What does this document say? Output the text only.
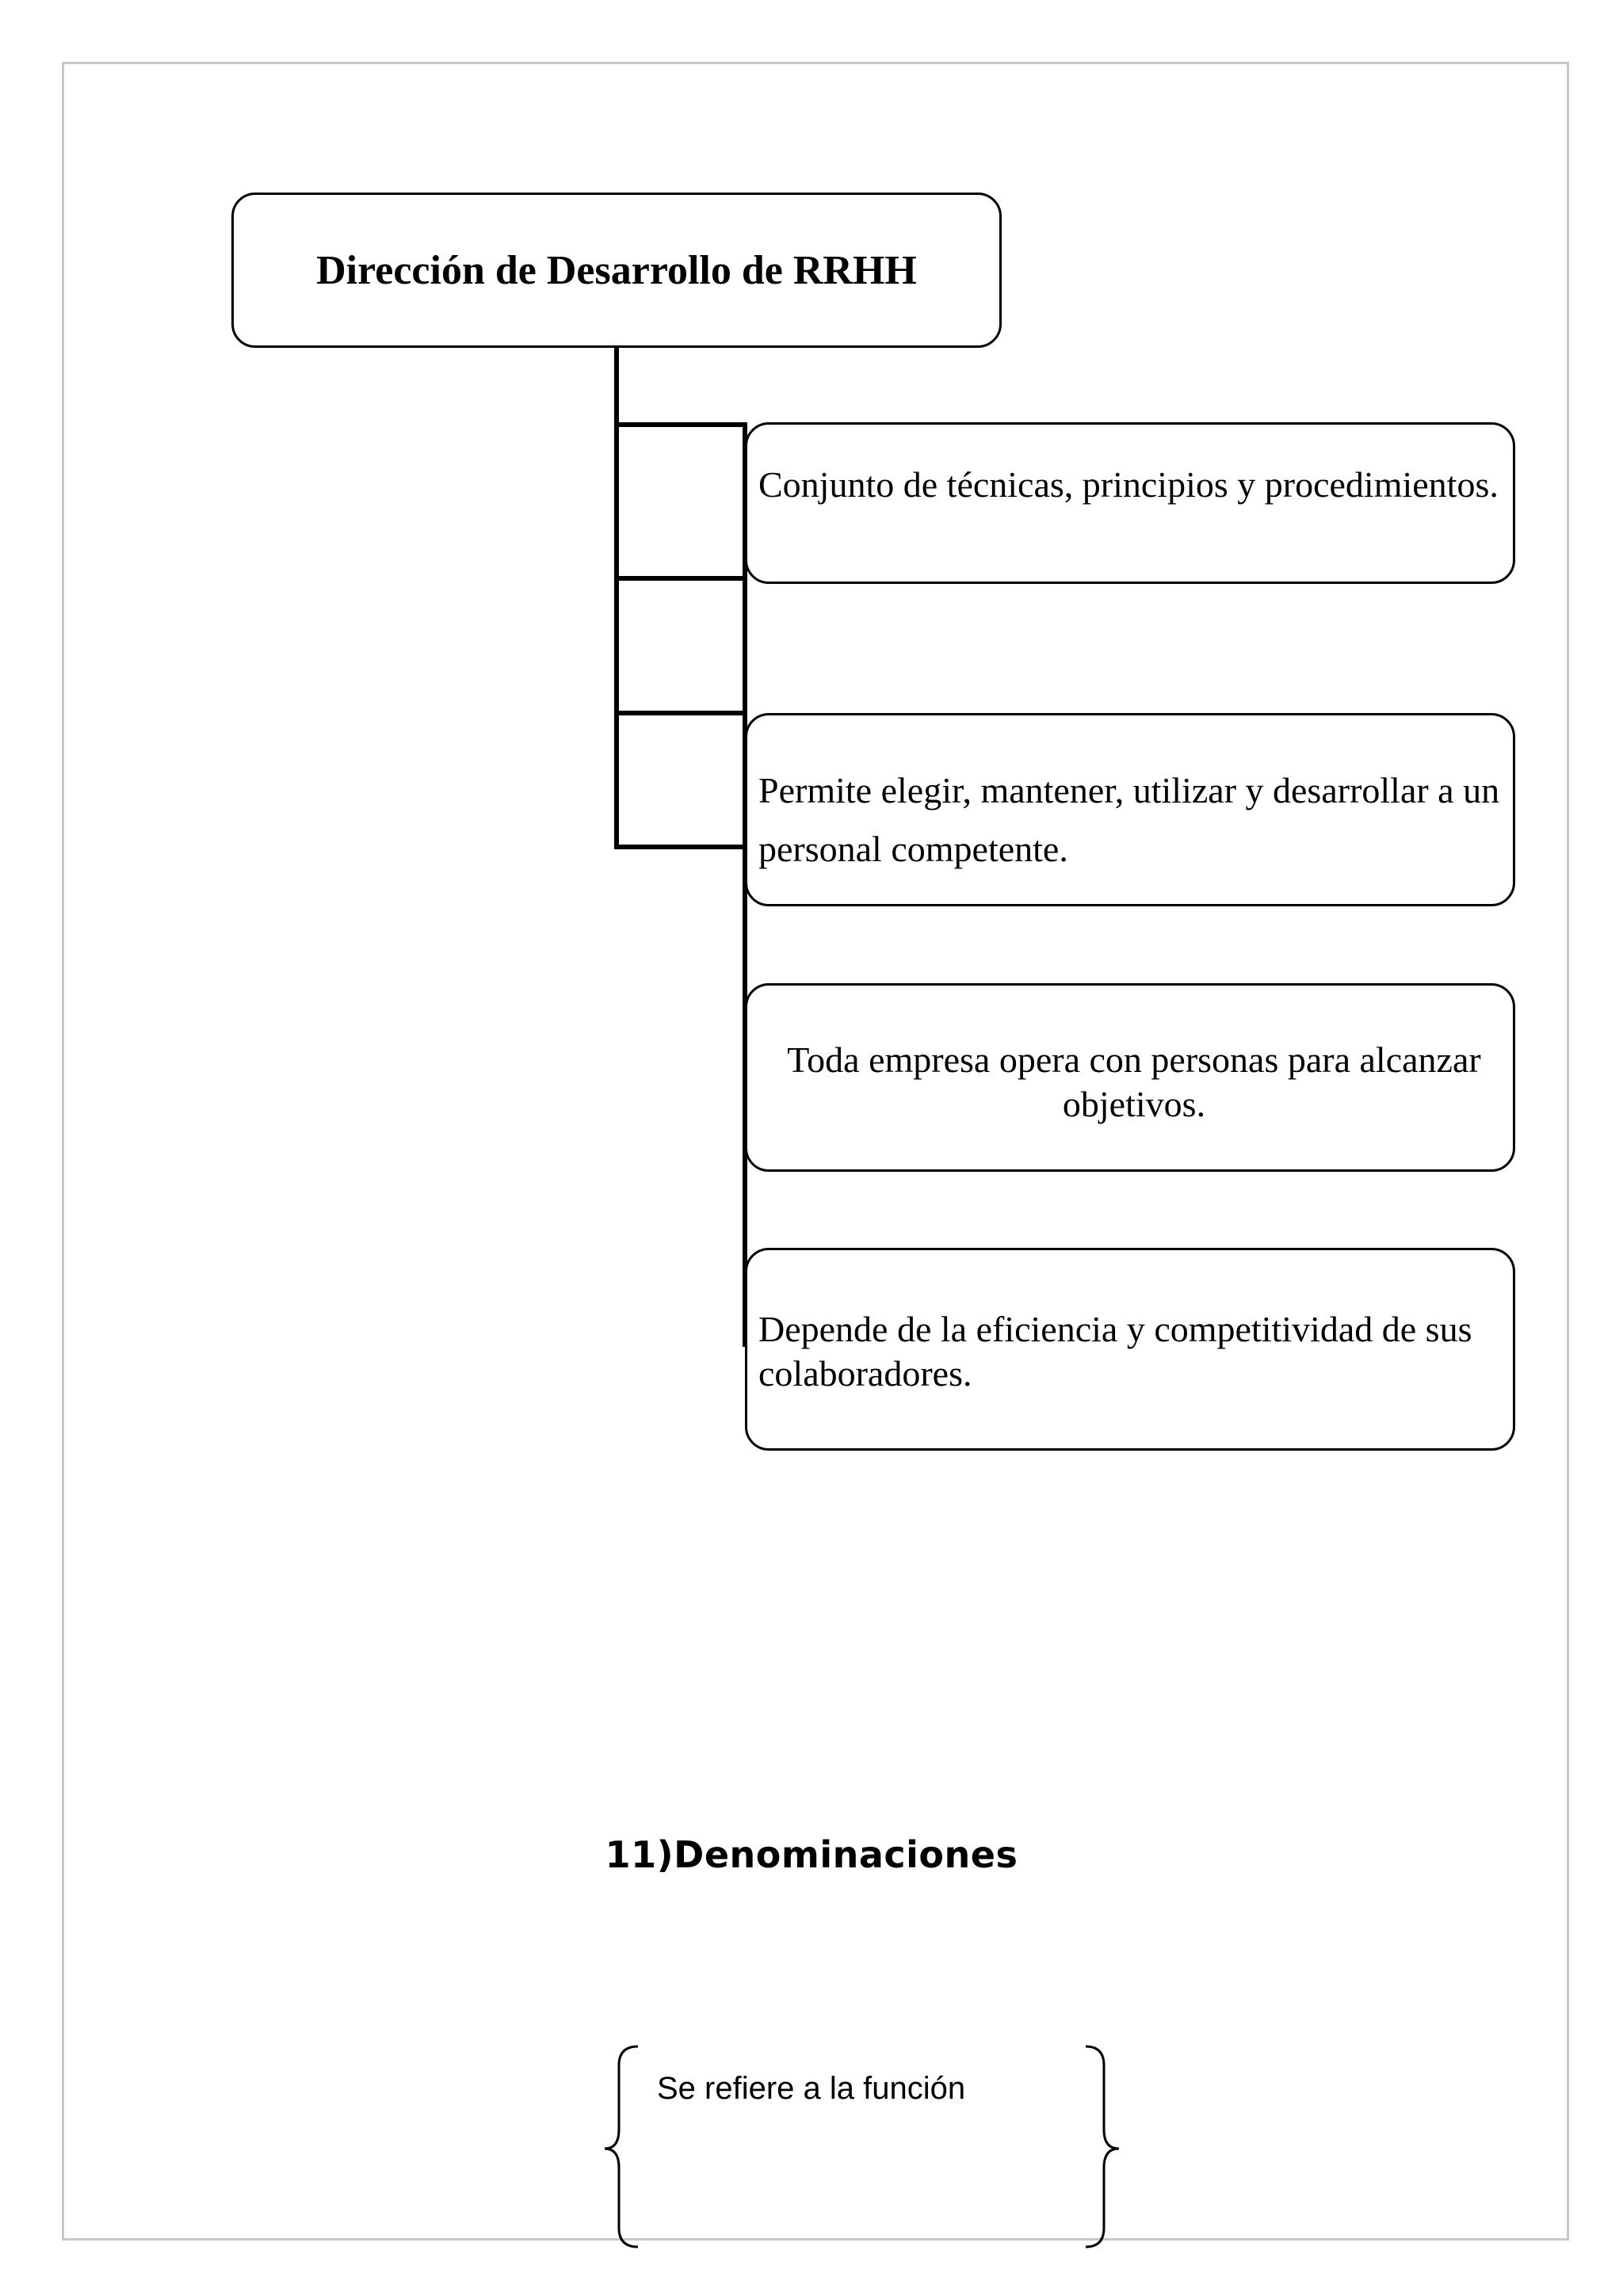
Dirección de Desarrollo de RRHH
Conjunto de técnicas, principios y procedimientos.
Permite elegir, mantener, utilizar y desarrollar a un personal competente.
Toda empresa opera con personas para alcanzar objetivos.
Depende de la eficiencia y competitividad de sus colaboradores.
11)Denominaciones
Se refiere a la función
